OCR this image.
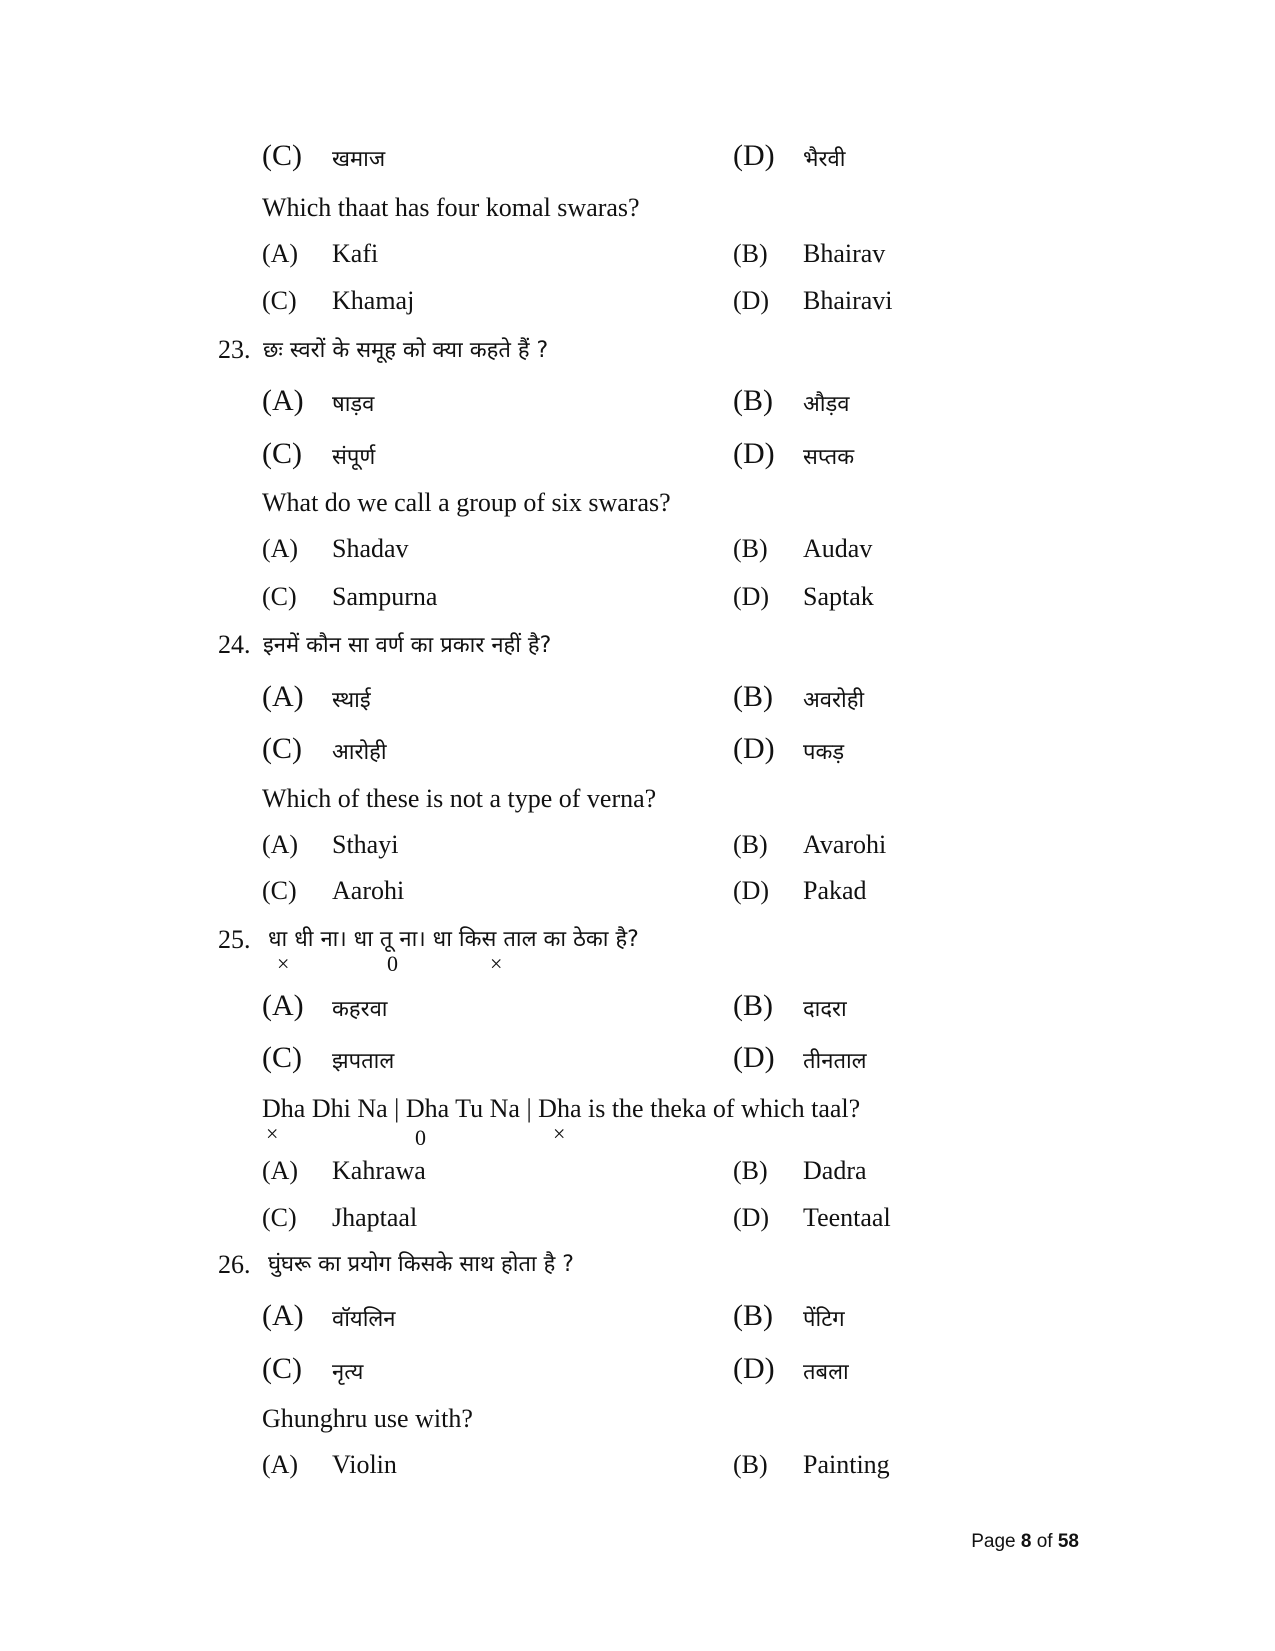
(C) खमाज	(D) भैरवी
Which thaat has four komal swaras?
(A) Kafi	(B) Bhairav
(C) Khamaj	(D) Bhairavi
23. छः स्वरों के समूह को क्या कहते हैं ?
(A) षाड़व	(B) औड़व
(C) संपूर्ण	(D) सप्तक
What do we call a group of six swaras?
(A) Shadav	(B) Audav
(C) Sampurna	(D) Saptak
24. इनमें कौन सा वर्ण का प्रकार नहीं है?
(A) स्थाई	(B) अवरोही
(C) आरोही	(D) पकड़
Which of these is not a type of verna?
(A) Sthayi	(B) Avarohi
(C) Aarohi	(D) Pakad
25. धा धी ना। धा तू ना। धा किस ताल का ठेका है?
×	0	×
(A) कहरवा	(B) दादरा
(C) झपताल	(D) तीनताल
Dha Dhi Na | Dha Tu Na | Dha is the theka of which taal?
×	0	×
(A) Kahrawa	(B) Dadra
(C) Jhaptaal	(D) Teentaal
26. घुंघरू का प्रयोग किसके साथ होता है ?
(A) वॉयलिन	(B) पेंटिग
(C) नृत्य	(D) तबला
Ghunghru use with?
(A) Violin	(B) Painting
Page 8 of 58
